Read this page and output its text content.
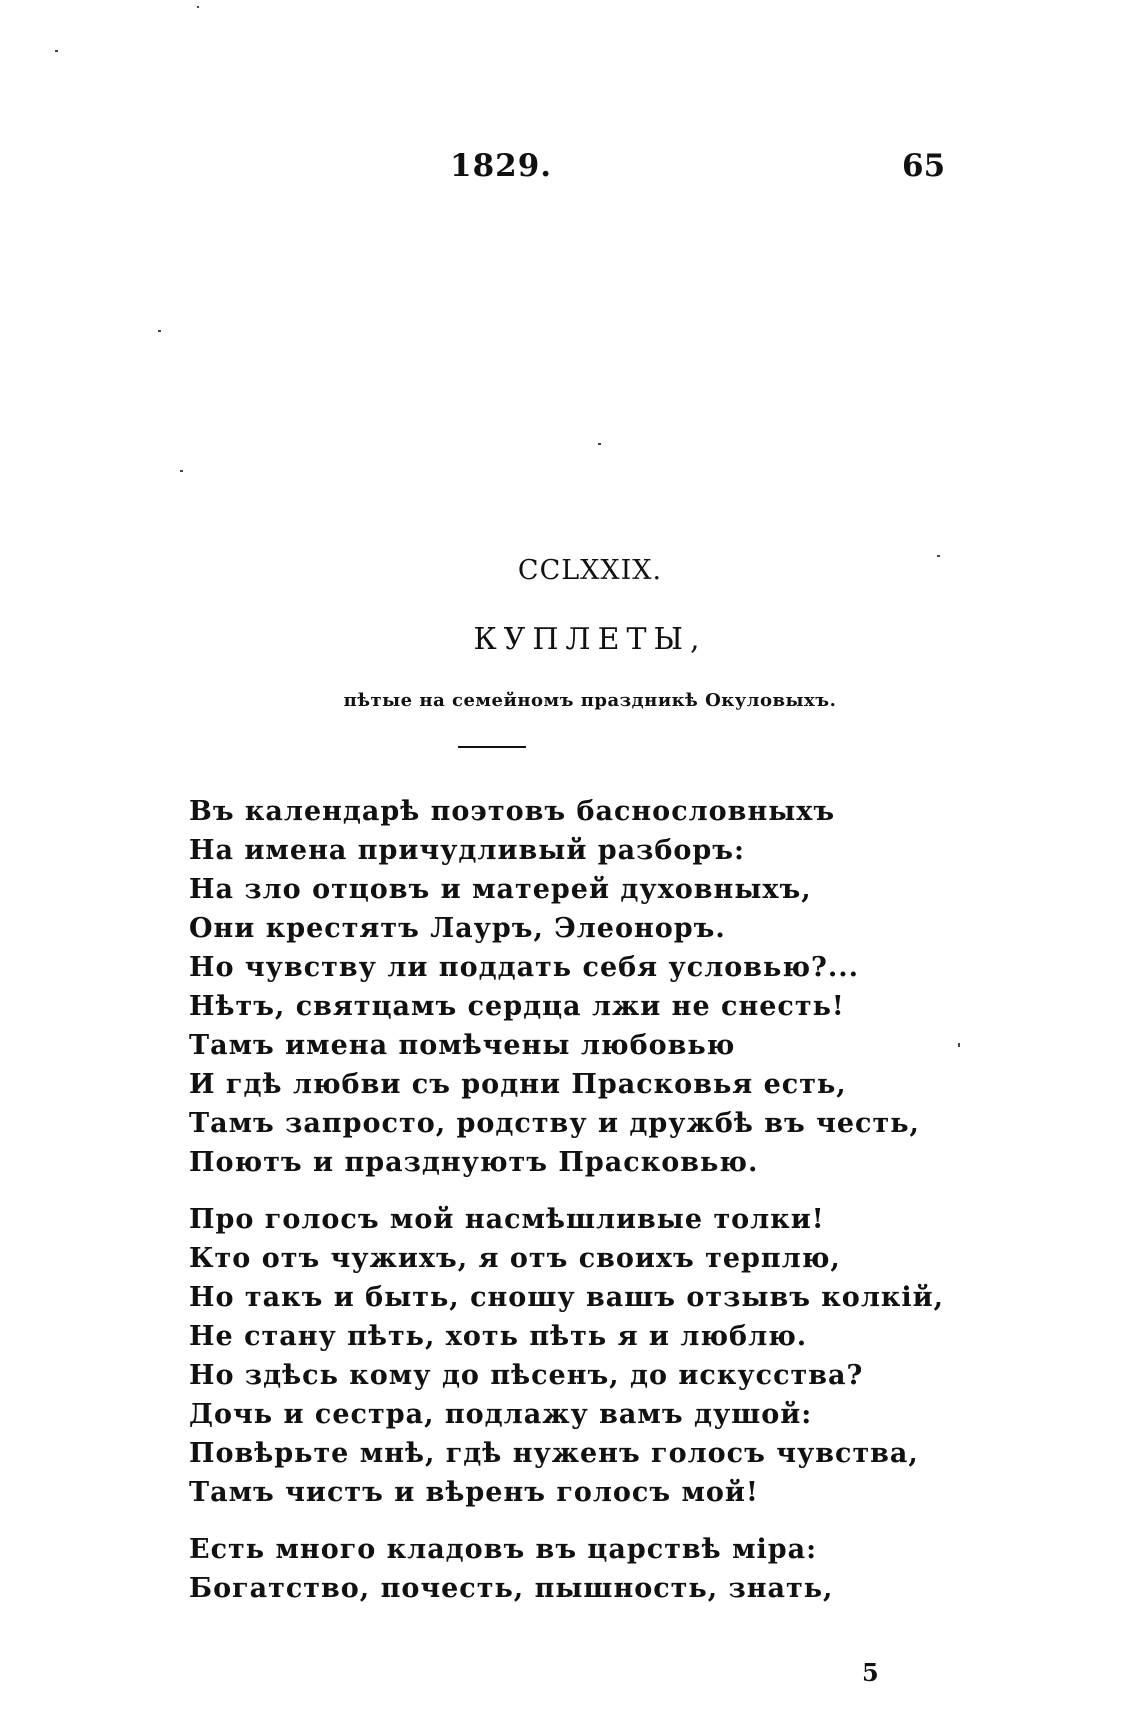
1829.	65
CCLXXIX.
КУПЛЕТЫ,
пѣтые на семейномъ праздникѣ Окуловыхъ.
Въ календарѣ поэтовъ баснословныхъ
На имена причудливый разборъ:
На зло отцовъ и матерей духовныхъ,
Они крестятъ Лауръ, Элеоноръ.
Но чувству ли поддать себя условью?...
Нѣтъ, святцамъ сердца лжи не снесть!
Тамъ имена помѣчены любовью
И гдѣ любви съ родни Прасковья есть,
Тамъ запросто, родству и дружбѣ въ честь,
Поютъ и празднуютъ Прасковью.
Про голосъ мой насмѣшливые толки!
Кто отъ чужихъ, я отъ своихъ терплю,
Но такъ и быть, сношу вашъ отзывъ колкій,
Не стану пѣть, хоть пѣть я и люблю.
Но здѣсь кому до пѣсенъ, до искусства?
Дочь и сестра, подлажу вамъ душой:
Повѣрьте мнѣ, гдѣ нуженъ голосъ чувства,
Тамъ чистъ и вѣренъ голосъ мой!
Есть много кладовъ въ царствѣ міра:
Богатство, почесть, пышность, знать,
5
